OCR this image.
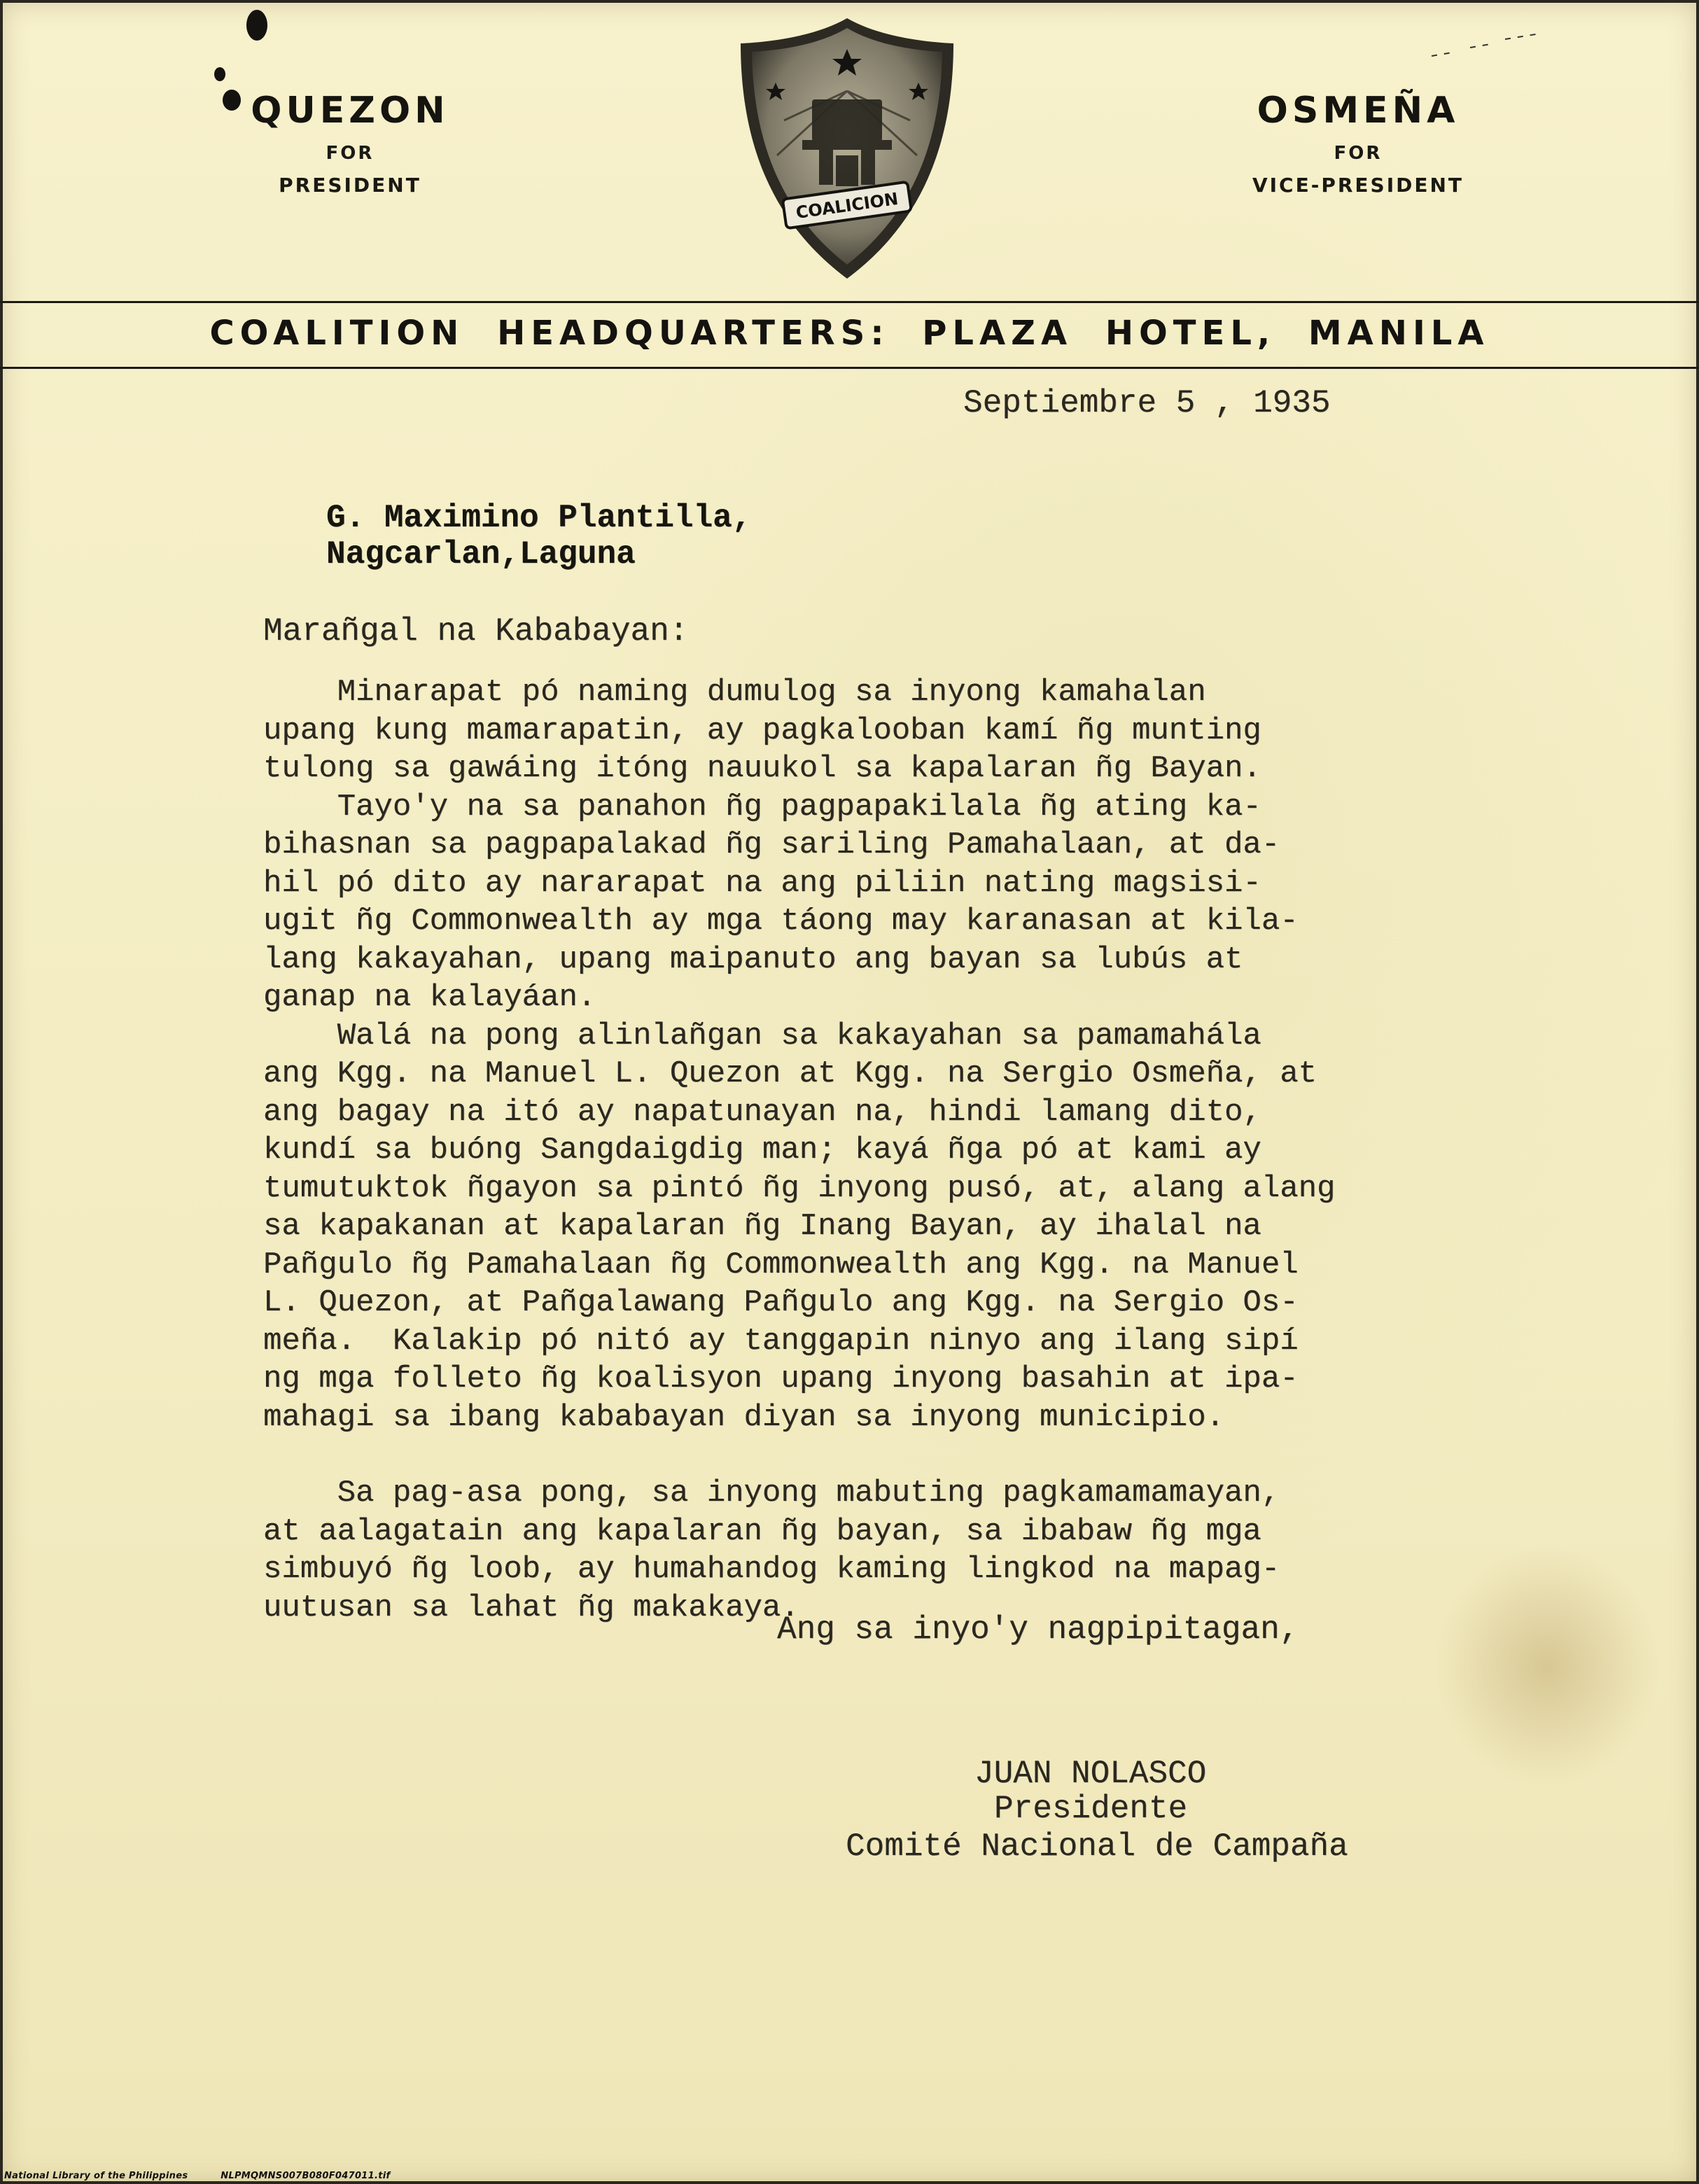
QUEZON
FOR
PRESIDENT
COALICION
OSMEÑA
FOR
VICE-PRESIDENT
COALITION HEADQUARTERS: PLAZA HOTEL, MANILA
Septiembre 5 , 1935
G. Maximino Plantilla,
Nagcarlan,Laguna
Marañgal na Kababayan:
Minarapat pó naming dumulog sa inyong kamahalan
upang kung mamarapatin, ay pagkalooban kamí ñg munting
tulong sa gawáing itóng nauukol sa kapalaran ñg Bayan.
Tayo'y na sa panahon ñg pagpapakilala ñg ating ka-
bihasnan sa pagpapalakad ñg sariling Pamahalaan, at da-
hil pó dito ay nararapat na ang piliin nating magsisi-
ugit ñg Commonwealth ay mga táong may karanasan at kila-
lang kakayahan, upang maipanuto ang bayan sa lubús at
ganap na kalayáan.
Walá na pong alinlañgan sa kakayahan sa pamamahála
ang Kgg. na Manuel L. Quezon at Kgg. na Sergio Osmeña, at
ang bagay na itó ay napatunayan na, hindi lamang dito,
kundí sa buóng Sangdaigdig man; kayá ñga pó at kami ay
tumutuktok ñgayon sa pintó ñg inyong pusó, at, alang alang
sa kapakanan at kapalaran ñg Inang Bayan, ay ihalal na
Pañgulo ñg Pamahalaan ñg Commonwealth ang Kgg. na Manuel
L. Quezon, at Pañgalawang Pañgulo ang Kgg. na Sergio Os-
meña.  Kalakip pó nitó ay tanggapin ninyo ang ilang sipí
ng mga folleto ñg koalisyon upang inyong basahin at ipa-
mahagi sa ibang kababayan diyan sa inyong municipio.
Sa pag-asa pong, sa inyong mabuting pagkamamamayan,
at aalagatain ang kapalaran ñg bayan, sa ibabaw ñg mga
simbuyó ñg loob, ay humahandog kaming lingkod na mapag-
uutusan sa lahat ñg makakaya.
Ang sa inyo'y nagpipitagan,
JUAN NOLASCO
Presidente
Comité Nacional de Campaña
National Library of the Philippines	NLPMQMNS007B080F047011.tif
